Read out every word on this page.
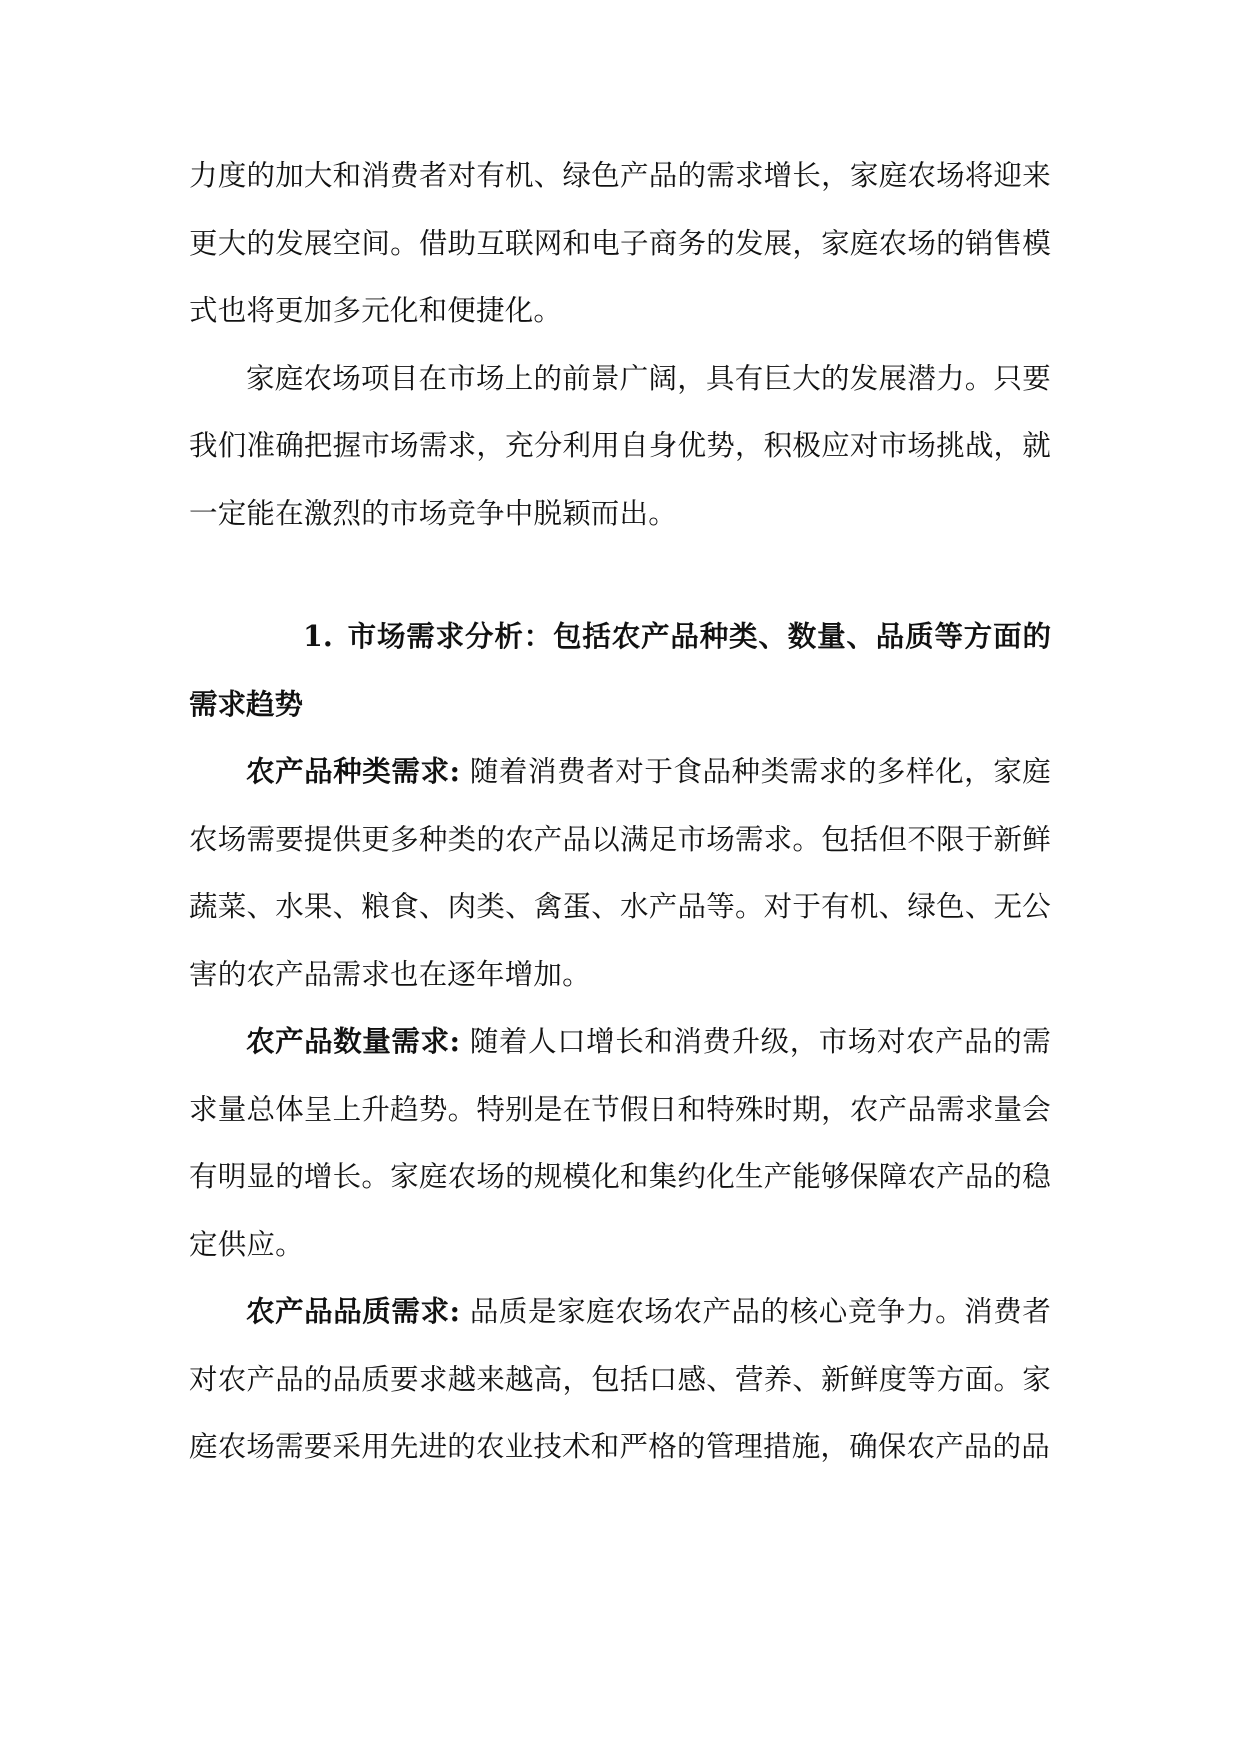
力度的加大和消费者对有机、绿色产品的需求增长，家庭农场将迎来更大的发展空间。借助互联网和电子商务的发展，家庭农场的销售模式也将更加多元化和便捷化。

家庭农场项目在市场上的前景广阔，具有巨大的发展潜力。只要我们准确把握市场需求，充分利用自身优势，积极应对市场挑战，就一定能在激烈的市场竞争中脱颖而出。

1. 市场需求分析：包括农产品种类、数量、品质等方面的需求趋势

农产品种类需求: 随着消费者对于食品种类需求的多样化，家庭农场需要提供更多种类的农产品以满足市场需求。包括但不限于新鲜蔬菜、水果、粮食、肉类、禽蛋、水产品等。对于有机、绿色、无公害的农产品需求也在逐年增加。

农产品数量需求: 随着人口增长和消费升级，市场对农产品的需求量总体呈上升趋势。特别是在节假日和特殊时期，农产品需求量会有明显的增长。家庭农场的规模化和集约化生产能够保障农产品的稳定供应。

农产品品质需求: 品质是家庭农场农产品的核心竞争力。消费者对农产品的品质要求越来越高，包括口感、营养、新鲜度等方面。家庭农场需要采用先进的农业技术和严格的管理措施，确保农产品的品
